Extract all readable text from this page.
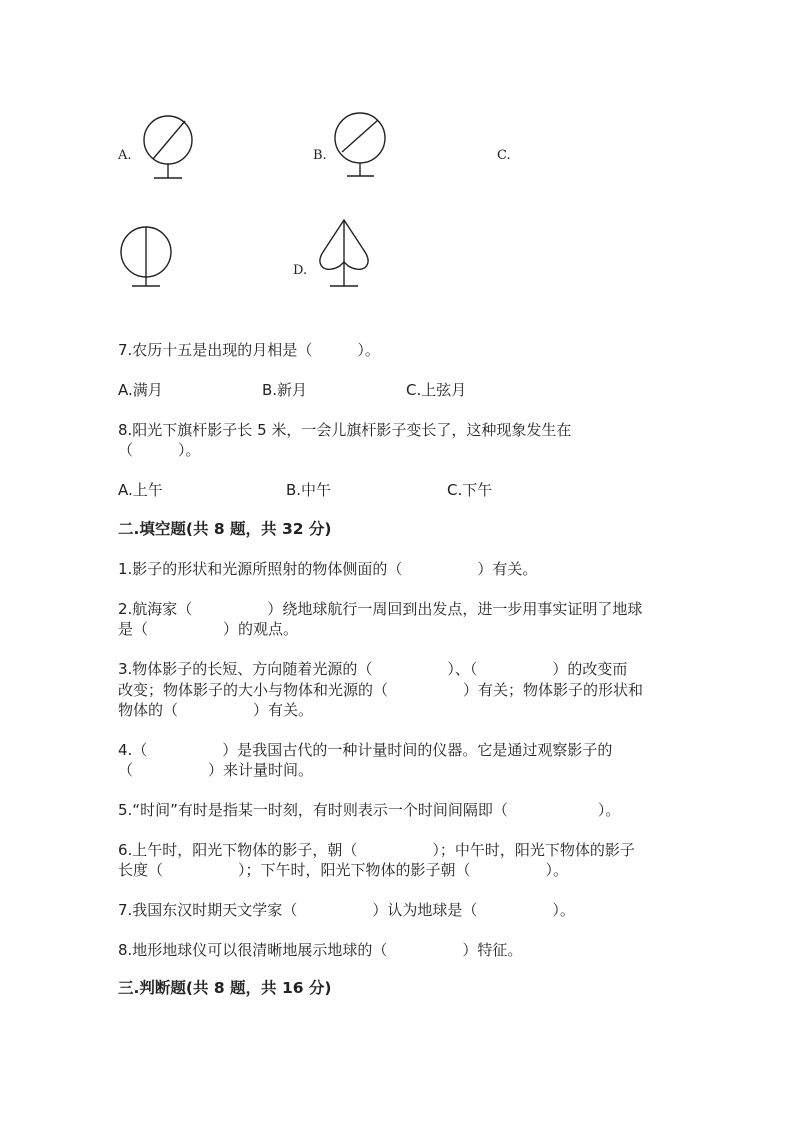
A.	B.	C.
D.
7.农历十五是出现的月相是（　　　）。
A.满月	B.新月	C.上弦月
8.阳光下旗杆影子长 5 米，一会儿旗杆影子变长了，这种现象发生在
（　　　）。
A.上午	B.中午	C.下午
二.填空题(共 8 题，共 32 分)
1.影子的形状和光源所照射的物体侧面的（　　　　　）有关。
2.航海家（　　　　　）绕地球航行一周回到出发点，进一步用事实证明了地球
是（　　　　　）的观点。
3.物体影子的长短、方向随着光源的（　　　　　）、（　　　　　）的改变而
改变；物体影子的大小与物体和光源的（　　　　　）有关；物体影子的形状和
物体的（　　　　　）有关。
4.（　　　　　）是我国古代的一种计量时间的仪器。它是通过观察影子的
（　　　　　）来计量时间。
5.“时间”有时是指某一时刻，有时则表示一个时间间隔即（　　　　　　）。
6.上午时，阳光下物体的影子，朝（　　　　　）；中午时，阳光下物体的影子
长度（　　　　　）；下午时，阳光下物体的影子朝（　　　　　）。
7.我国东汉时期天文学家（　　　　　）认为地球是（　　　　　）。
8.地形地球仪可以很清晰地展示地球的（　　　　　）特征。
三.判断题(共 8 题，共 16 分)
